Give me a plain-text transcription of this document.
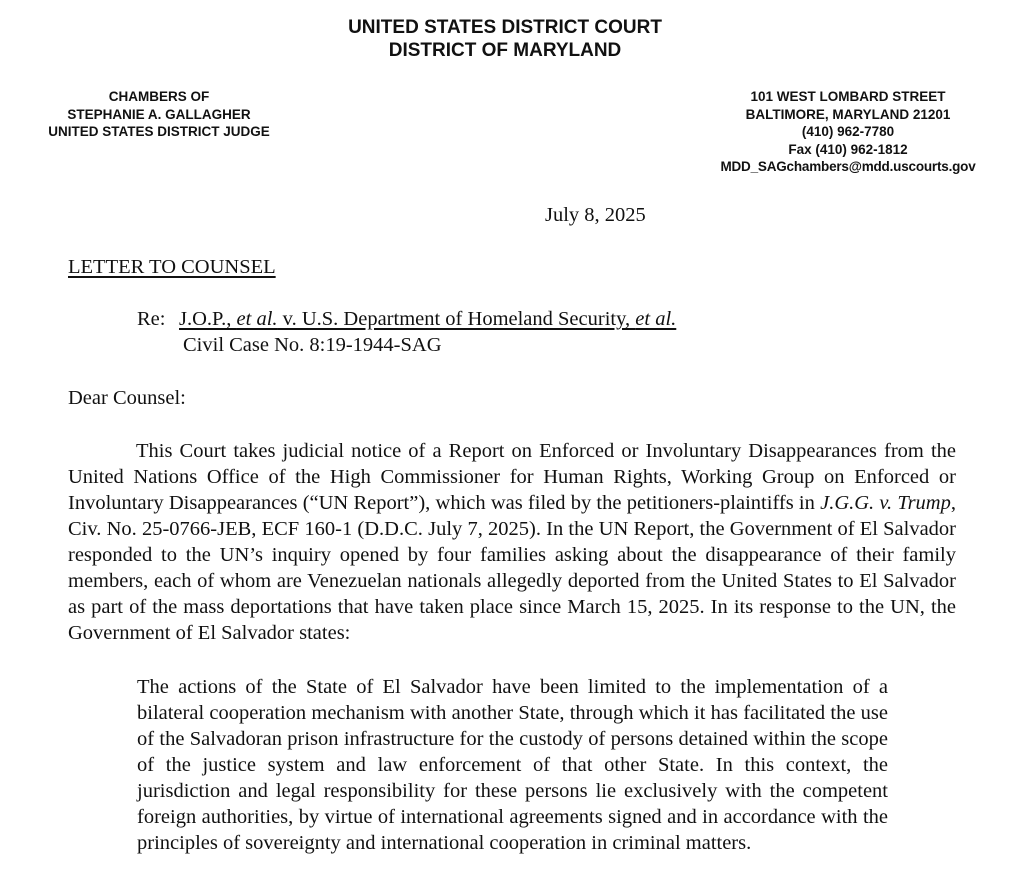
UNITED STATES DISTRICT COURT
DISTRICT OF MARYLAND
CHAMBERS OF
STEPHANIE A. GALLAGHER
UNITED STATES DISTRICT JUDGE
101 WEST LOMBARD STREET
BALTIMORE, MARYLAND 21201
(410) 962-7780
Fax (410) 962-1812
MDD_SAGchambers@mdd.uscourts.gov
July 8, 2025
LETTER TO COUNSEL
Re: J.O.P., et al. v. U.S. Department of Homeland Security, et al.
Civil Case No. 8:19-1944-SAG
Dear Counsel:
This Court takes judicial notice of a Report on Enforced or Involuntary Disappearances from the United Nations Office of the High Commissioner for Human Rights, Working Group on Enforced or Involuntary Disappearances (“UN Report”), which was filed by the petitioners-plaintiffs in J.G.G. v. Trump, Civ. No. 25-0766-JEB, ECF 160-1 (D.D.C. July 7, 2025). In the UN Report, the Government of El Salvador responded to the UN’s inquiry opened by four families asking about the disappearance of their family members, each of whom are Venezuelan nationals allegedly deported from the United States to El Salvador as part of the mass deportations that have taken place since March 15, 2025. In its response to the UN, the Government of El Salvador states:
The actions of the State of El Salvador have been limited to the implementation of a bilateral cooperation mechanism with another State, through which it has facilitated the use of the Salvadoran prison infrastructure for the custody of persons detained within the scope of the justice system and law enforcement of that other State. In this context, the jurisdiction and legal responsibility for these persons lie exclusively with the competent foreign authorities, by virtue of international agreements signed and in accordance with the principles of sovereignty and international cooperation in criminal matters.
